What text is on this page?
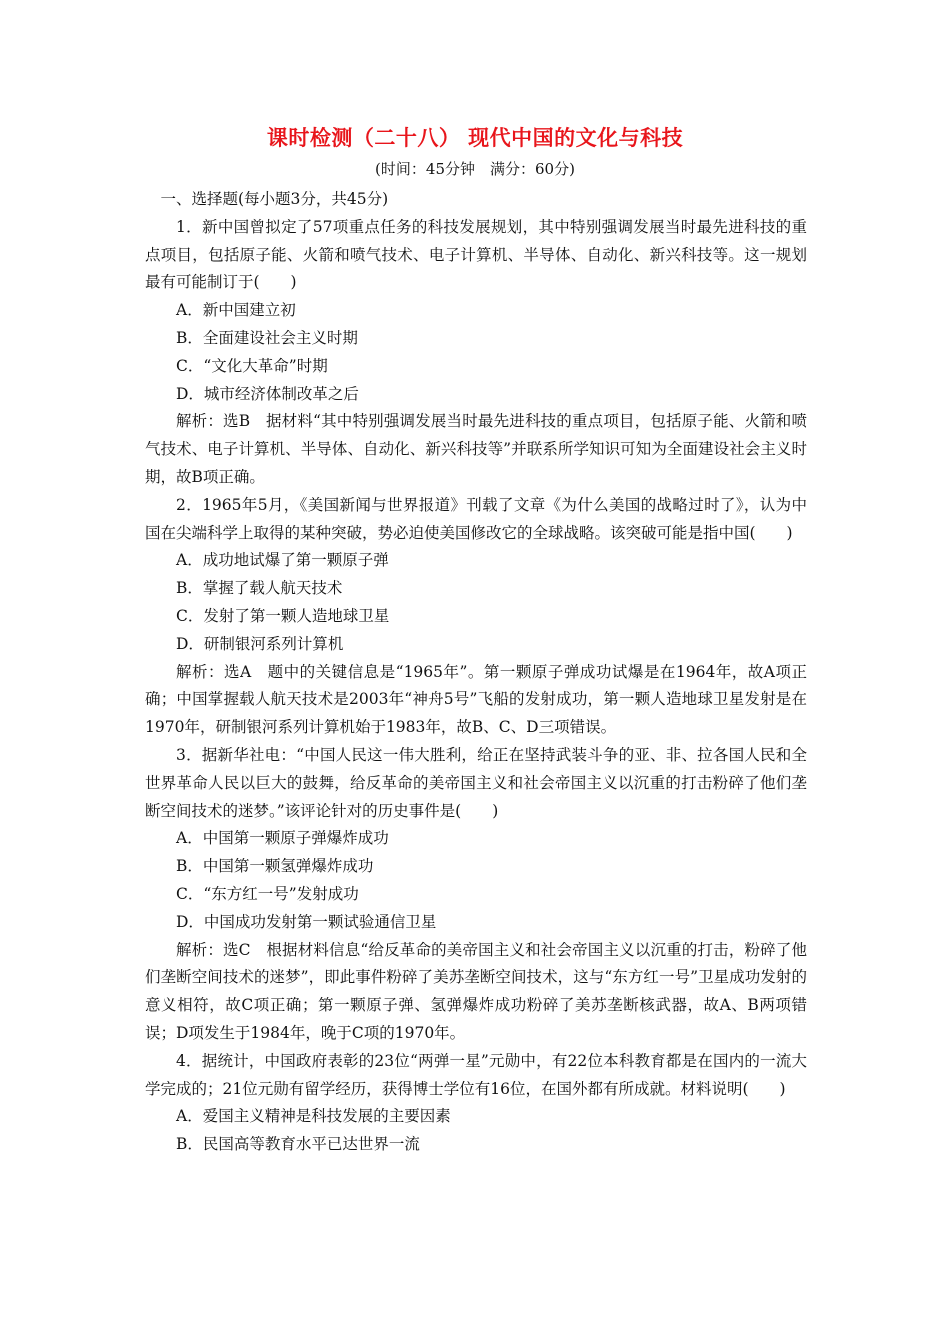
课时检测（二十八） 现代中国的文化与科技
(时间：45分钟　满分：60分)

一、选择题(每小题3分，共45分)

1．新中国曾拟定了57项重点任务的科技发展规划，其中特别强调发展当时最先进科技的重点项目，包括原子能、火箭和喷气技术、电子计算机、半导体、自动化、新兴科技等。这一规划最有可能制订于(　　)

A．新中国建立初

B．全面建设社会主义时期

C．“文化大革命”时期

D．城市经济体制改革之后

解析：选B　据材料“其中特别强调发展当时最先进科技的重点项目，包括原子能、火箭和喷气技术、电子计算机、半导体、自动化、新兴科技等”并联系所学知识可知为全面建设社会主义时期，故B项正确。

2．1965年5月，《美国新闻与世界报道》刊载了文章《为什么美国的战略过时了》，认为中国在尖端科学上取得的某种突破，势必迫使美国修改它的全球战略。该突破可能是指中国(　　)

A．成功地试爆了第一颗原子弹

B．掌握了载人航天技术

C．发射了第一颗人造地球卫星

D．研制银河系列计算机

解析：选A　题中的关键信息是“1965年”。第一颗原子弹成功试爆是在1964年，故A项正确；中国掌握载人航天技术是2003年“神舟5号”飞船的发射成功，第一颗人造地球卫星发射是在1970年，研制银河系列计算机始于1983年，故B、C、D三项错误。

3．据新华社电：“中国人民这一伟大胜利，给正在坚持武装斗争的亚、非、拉各国人民和全世界革命人民以巨大的鼓舞，给反革命的美帝国主义和社会帝国主义以沉重的打击粉碎了他们垄断空间技术的迷梦。”该评论针对的历史事件是(　　)

A．中国第一颗原子弹爆炸成功

B．中国第一颗氢弹爆炸成功

C．“东方红一号”发射成功

D．中国成功发射第一颗试验通信卫星

解析：选C　根据材料信息“给反革命的美帝国主义和社会帝国主义以沉重的打击，粉碎了他们垄断空间技术的迷梦”，即此事件粉碎了美苏垄断空间技术，这与“东方红一号”卫星成功发射的意义相符，故C项正确；第一颗原子弹、氢弹爆炸成功粉碎了美苏垄断核武器，故A、B两项错误；D项发生于1984年，晚于C项的1970年。

4．据统计，中国政府表彰的23位“两弹一星”元勋中，有22位本科教育都是在国内的一流大学完成的；21位元勋有留学经历，获得博士学位有16位，在国外都有所成就。材料说明(　　)

A．爱国主义精神是科技发展的主要因素

B．民国高等教育水平已达世界一流
